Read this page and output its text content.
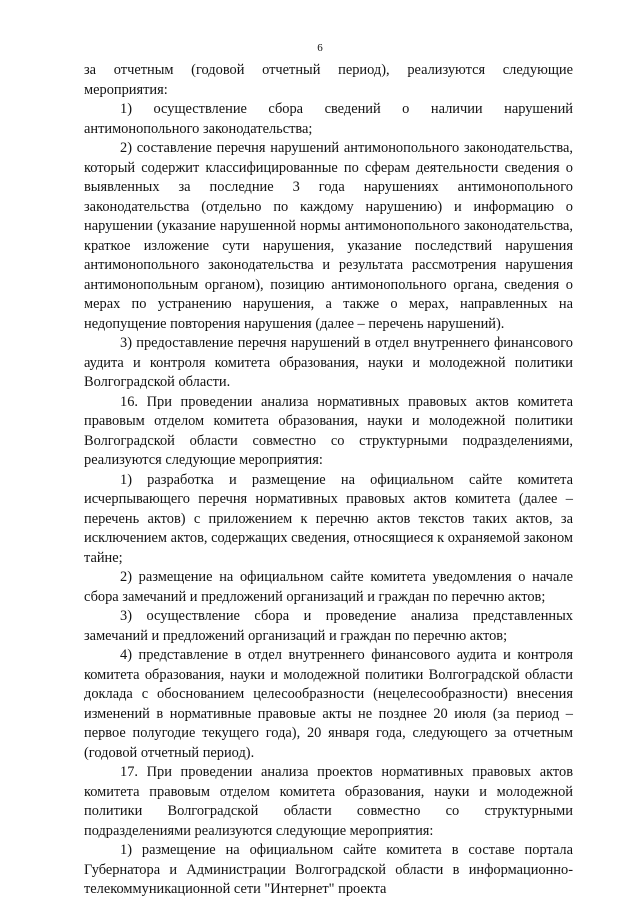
6

за отчетным (годовой отчетный период), реализуются следующие мероприятия:

1) осуществление сбора сведений о наличии нарушений антимонопольного законодательства;

2) составление перечня нарушений антимонопольного законодательства, который содержит классифицированные по сферам деятельности сведения о выявленных за последние 3 года нарушениях антимонопольного законодательства (отдельно по каждому нарушению) и информацию о нарушении (указание нарушенной нормы антимонопольного законодательства, краткое изложение сути нарушения, указание последствий нарушения антимонопольного законодательства и результата рассмотрения нарушения антимонопольным органом), позицию антимонопольного органа, сведения о мерах по устранению нарушения, а также о мерах, направленных на недопущение повторения нарушения (далее – перечень нарушений).

3) предоставление перечня нарушений в отдел внутреннего финансового аудита и контроля комитета образования, науки и молодежной политики Волгоградской области.

16. При проведении анализа нормативных правовых актов комитета правовым отделом комитета образования, науки и молодежной политики Волгоградской области совместно со структурными подразделениями, реализуются следующие мероприятия:

1) разработка и размещение на официальном сайте комитета исчерпывающего перечня нормативных правовых актов комитета (далее – перечень актов) с приложением к перечню актов текстов таких актов, за исключением актов, содержащих сведения, относящиеся к охраняемой законом тайне;

2) размещение на официальном сайте комитета уведомления о начале сбора замечаний и предложений организаций и граждан по перечню актов;

3) осуществление сбора и проведение анализа представленных замечаний и предложений организаций и граждан по перечню актов;

4) представление в отдел внутреннего финансового аудита и контроля комитета образования, науки и молодежной политики Волгоградской области доклада с обоснованием целесообразности (нецелесообразности) внесения изменений в нормативные правовые акты не позднее 20 июля (за период – первое полугодие текущего года), 20 января года, следующего за отчетным (годовой отчетный период).

17. При проведении анализа проектов нормативных правовых актов комитета правовым отделом комитета образования, науки и молодежной политики Волгоградской области совместно со структурными подразделениями реализуются следующие мероприятия:

1) размещение на официальном сайте комитета в составе портала Губернатора и Администрации Волгоградской области в информационно-телекоммуникационной сети "Интернет" проекта
